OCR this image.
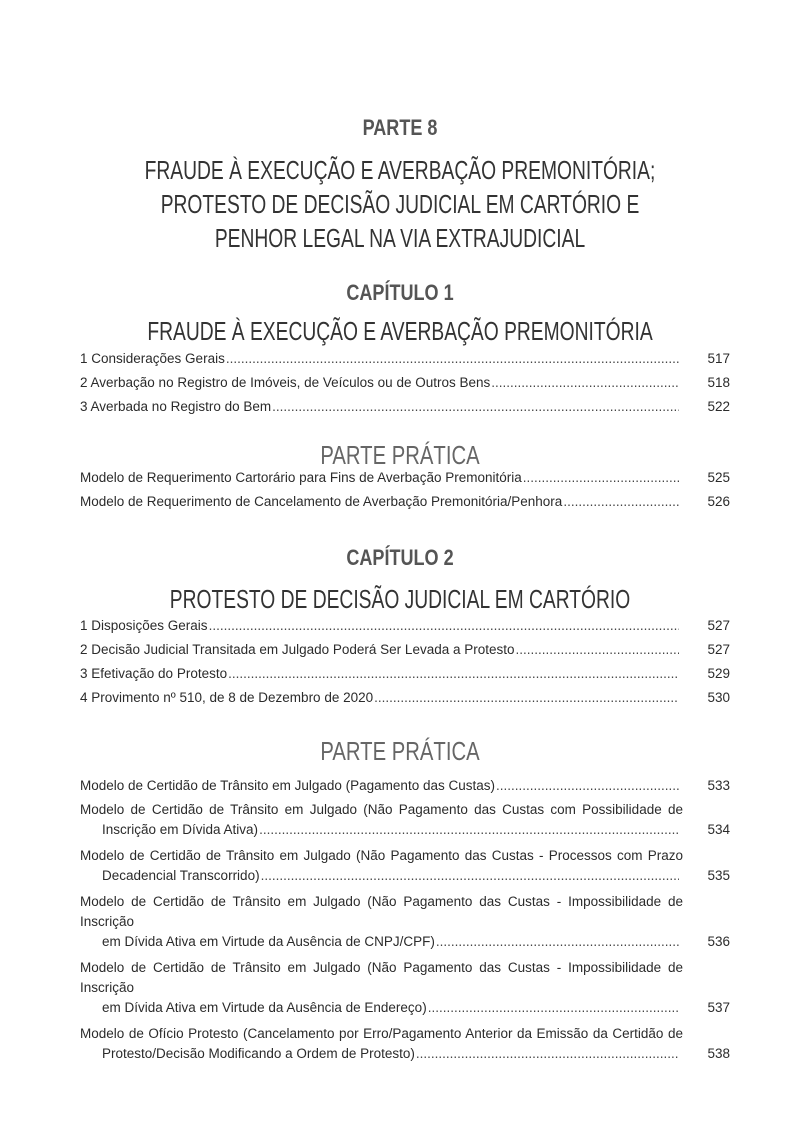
PARTE 8
FRAUDE À EXECUÇÃO E AVERBAÇÃO PREMONITÓRIA;
PROTESTO DE DECISÃO JUDICIAL EM CARTÓRIO E
PENHOR LEGAL NA VIA EXTRAJUDICIAL
CAPÍTULO 1
FRAUDE À EXECUÇÃO E AVERBAÇÃO PREMONITÓRIA
1 Considerações Gerais .....	517
2 Averbação no Registro de Imóveis, de Veículos ou de Outros Bens .....	518
3 Averbada no Registro do Bem .....	522
PARTE PRÁTICA
Modelo de Requerimento Cartorário para Fins de Averbação Premonitória .....	525
Modelo de Requerimento de Cancelamento de Averbação Premonitória/Penhora .....	526
CAPÍTULO 2
PROTESTO DE DECISÃO JUDICIAL EM CARTÓRIO
1 Disposições Gerais .....	527
2 Decisão Judicial Transitada em Julgado Poderá Ser Levada a Protesto .....	527
3 Efetivação do Protesto .....	529
4 Provimento nº 510, de 8 de Dezembro de 2020 .....	530
PARTE PRÁTICA
Modelo de Certidão de Trânsito em Julgado (Pagamento das Custas) .....	533
Modelo de Certidão de Trânsito em Julgado (Não Pagamento das Custas com Possibilidade de
Inscrição em Dívida Ativa) .....	534
Modelo de Certidão de Trânsito em Julgado (Não Pagamento das Custas - Processos com Prazo
Decadencial Transcorrido) .....	535
Modelo de Certidão de Trânsito em Julgado (Não Pagamento das Custas - Impossibilidade de Inscrição
em Dívida Ativa em Virtude da Ausência de CNPJ/CPF) .....	536
Modelo de Certidão de Trânsito em Julgado (Não Pagamento das Custas - Impossibilidade de Inscrição
em Dívida Ativa em Virtude da Ausência de Endereço) .....	537
Modelo de Ofício Protesto (Cancelamento por Erro/Pagamento Anterior da Emissão da Certidão de
Protesto/Decisão Modificando a Ordem de Protesto) .....	538
